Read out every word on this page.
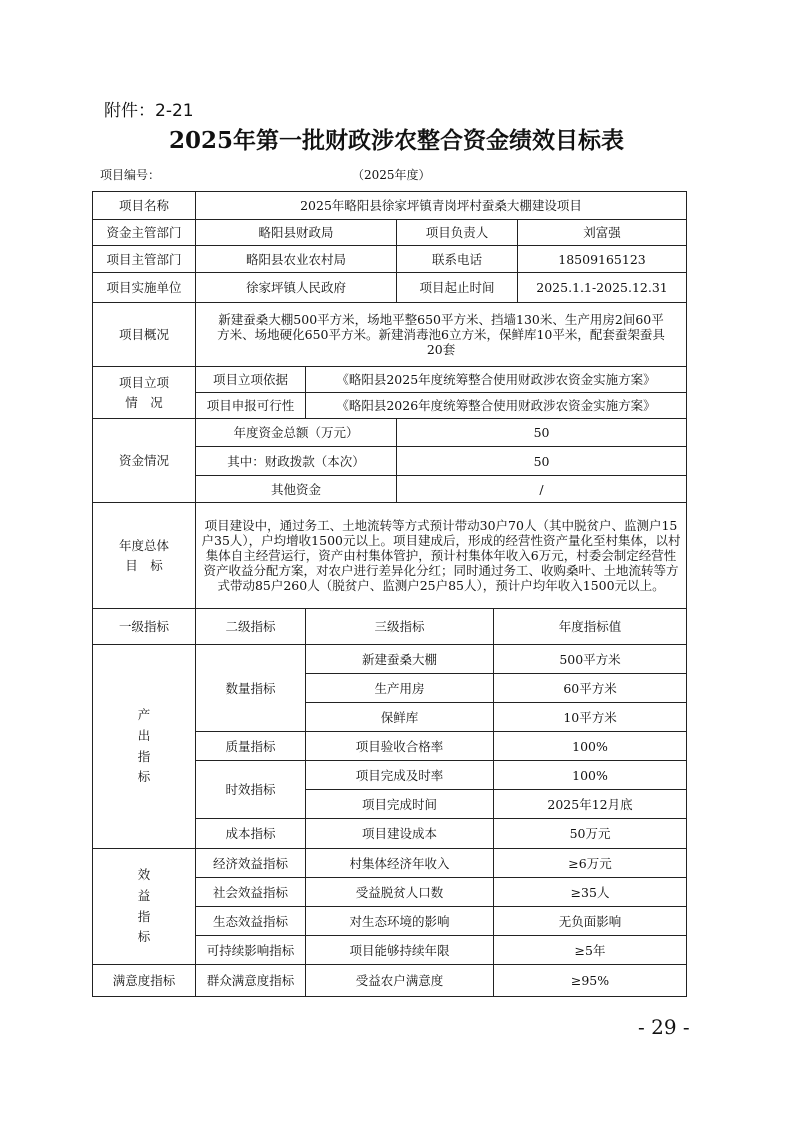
附件：2-21
2025年第一批财政涉农整合资金绩效目标表
项目编号：	（2025年度）
项目名称	2025年略阳县徐家坪镇青岗坪村蚕桑大棚建设项目				
资金主管部门	略阳县财政局		项目负责人		刘富强
项目主管部门	略阳县农业农村局		联系电话		18509165123
项目实施单位	徐家坪镇人民政府		项目起止时间		2025.1.1-2025.12.31
项目概况	新建蚕桑大棚500平方米，场地平整650平方米、挡墙130米、生产用房2间60平　　　方米、场地硬化650平方米。新建消毒池6立方米，保鲜库10平米，配套蚕架蚕具　　　20套				
项目立项情　况	项目立项依据	《略阳县2025年度统筹整合使用财政涉农资金实施方案》			
	项目申报可行性	《略阳县2026年度统筹整合使用财政涉农资金实施方案》			
资金情况	年度资金总额（万元）		50		
	其中：财政拨款（本次）		50		
	其他资金		/		
年度总体目　标	项目建设中，通过务工、土地流转等方式预计带动30户70人（其中脱贫户、监测户15户35人），户均增收1500元以上。项目建成后，形成的经营性资产量化至村集体，以村集体自主经营运行，资产由村集体管护，预计村集体年收入6万元，村委会制定经营性资产收益分配方案，对农户进行差异化分红；同时通过务工、收购桑叶、土地流转等方式带动85户260人（脱贫户、监测户25户85人），预计户均年收入1500元以上。				
一级指标	二级指标	三级指标		年度指标值	
产出指标	数量指标	新建蚕桑大棚		500平方米	
		生产用房		60平方米	
		保鲜库		10平方米	
	质量指标	项目验收合格率		100%	
	时效指标	项目完成及时率		100%	
		项目完成时间		2025年12月底	
	成本指标	项目建设成本		50万元	
效益指标	经济效益指标	村集体经济年收入		≥6万元	
	社会效益指标	受益脱贫人口数		≥35人	
	生态效益指标	对生态环境的影响		无负面影响	
	可持续影响指标	项目能够持续年限		≥5年	
满意度指标	群众满意度指标	受益农户满意度		≥95%	
- 29 -
